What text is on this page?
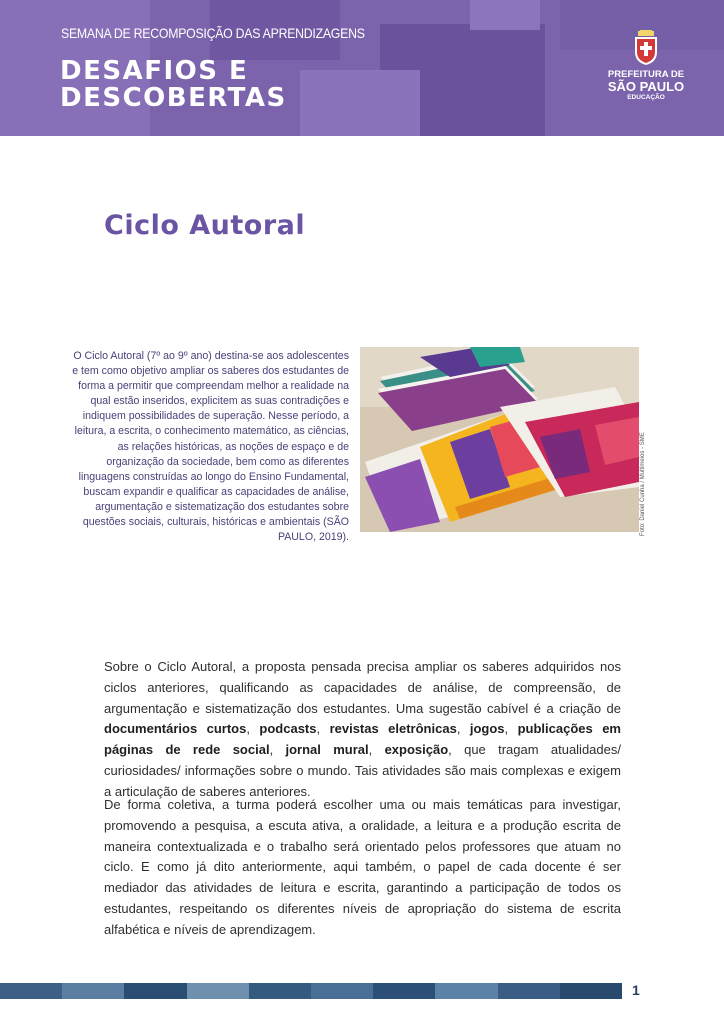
SEMANA DE RECOMPOSIÇÃO DAS APRENDIZAGENS
DESAFIOS E
DESCOBERTAS
PREFEITURA DE
SÃO PAULO
EDUCAÇÃO
Ciclo Autoral

O Ciclo Autoral (7º ao 9º ano) destina-se aos adolescentes e tem como objetivo ampliar os saberes dos estudantes de forma a permitir que compreendam melhor a realidade na qual estão inseridos, explicitem as suas contradições e indiquem possibilidades de superação. Nesse período, a leitura, a escrita, o conhecimento matemático, as ciências, as relações históricas, as noções de espaço e de organização da sociedade, bem como as diferentes linguagens construídas ao longo do Ensino Fundamental, buscam expandir e qualificar as capacidades de análise, argumentação e sistematização dos estudantes sobre questões sociais, culturais, históricas e ambientais (SÃO PAULO, 2019).

Foto: Daniel Cunha / Multimeios - SME

Sobre o Ciclo Autoral, a proposta pensada precisa ampliar os saberes adquiridos nos ciclos anteriores, qualificando as capacidades de análise, de compreensão, de argumentação e sistematização dos estudantes. Uma sugestão cabível é a criação de documentários curtos, podcasts, revistas eletrônicas, jogos, publicações em páginas de rede social, jornal mural, exposição, que tragam atualidades/ curiosidades/ informações sobre o mundo. Tais atividades são mais complexas e exigem a articulação de saberes anteriores.

De forma coletiva, a turma poderá escolher uma ou mais temáticas para investigar, promovendo a pesquisa, a escuta ativa, a oralidade, a leitura e a produção escrita de maneira contextualizada e o trabalho será orientado pelos professores que atuam no ciclo. E como já dito anteriormente, aqui também, o papel de cada docente é ser mediador das atividades de leitura e escrita, garantindo a participação de todos os estudantes, respeitando os diferentes níveis de apropriação do sistema de escrita alfabética e níveis de aprendizagem.

1
